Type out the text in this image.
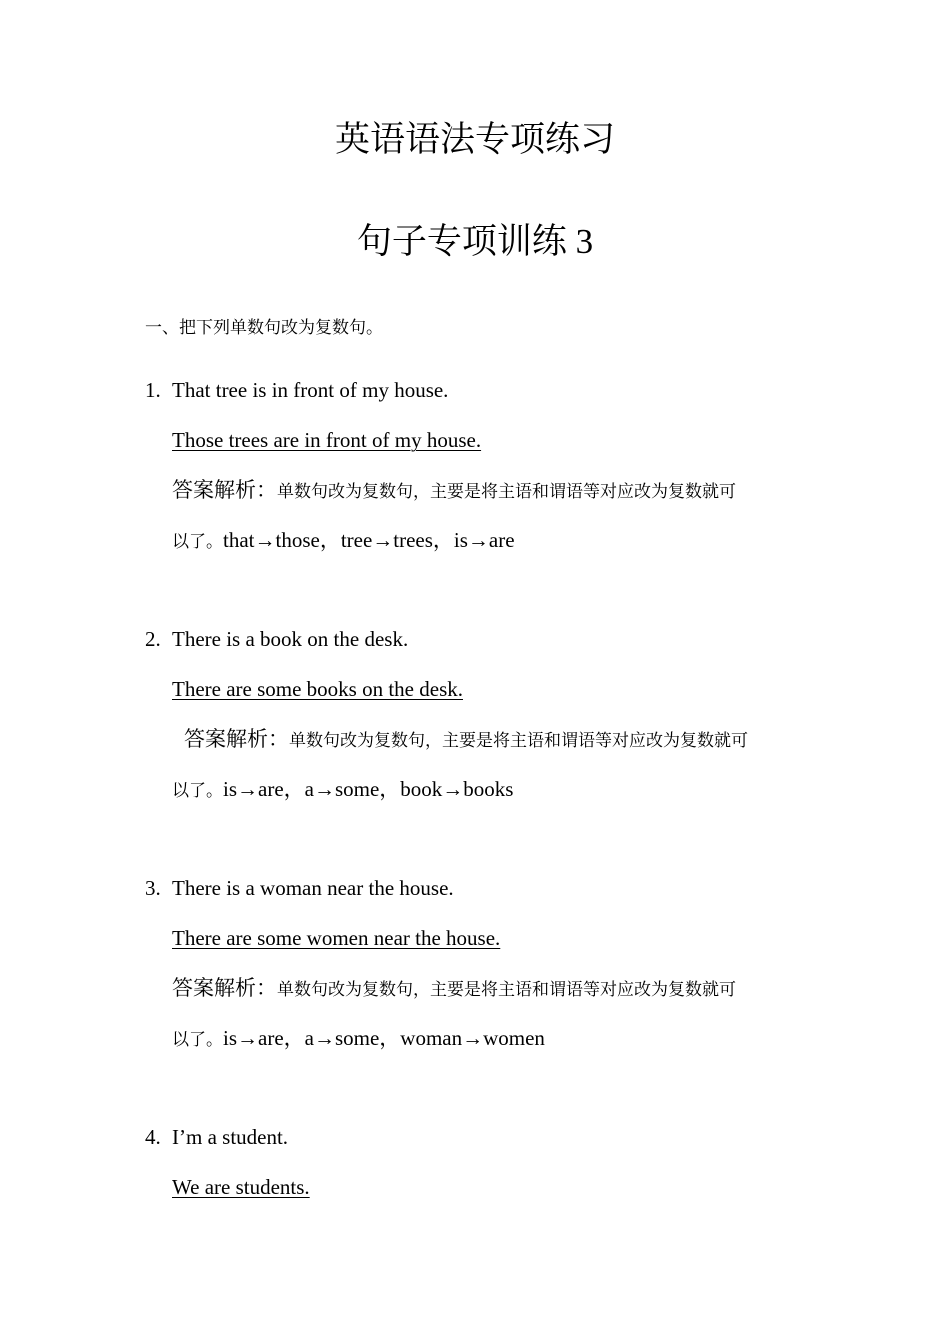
英语语法专项练习
句子专项训练 3
一、把下列单数句改为复数句。
1. That tree is in front of my house.
Those trees are in front of my house.
答案解析：单数句改为复数句，主要是将主语和谓语等对应改为复数就可
以了。that→those，tree→trees，is→are
2. There is a book on the desk.
There are some books on the desk.
答案解析：单数句改为复数句，主要是将主语和谓语等对应改为复数就可
以了。is→are，a→some，book→books
3. There is a woman near the house.
There are some women near the house.
答案解析：单数句改为复数句，主要是将主语和谓语等对应改为复数就可
以了。is→are，a→some，woman→women
4. I’m a student.
We are students.
